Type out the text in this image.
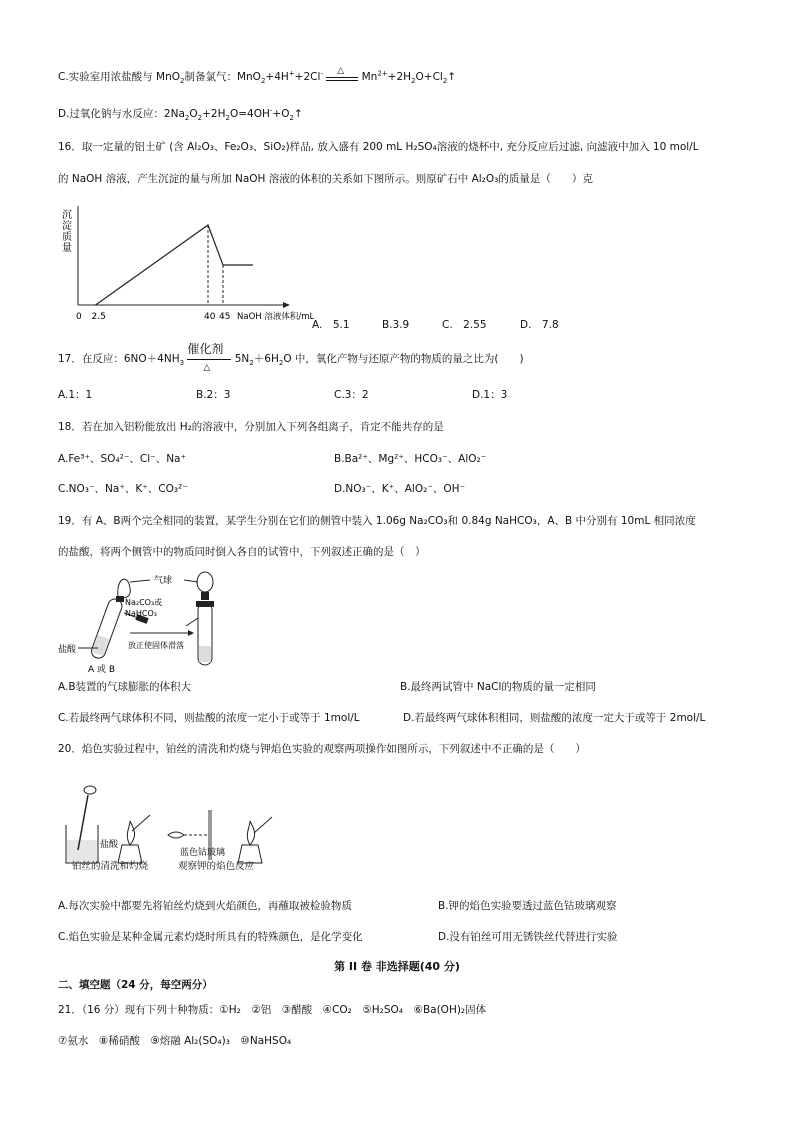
C.实验室用浓盐酸与 MnO$_2$制备氯气：MnO$_2$+4H++2Cl- △ $Mn^{2+}+2H_2O+Cl_2↑$
D.过氧化钠与水反应：$2Na_2O_2+2H_2O=4OH^-+O_2↑$
16．取一定量的铝土矿 (含 Al₂O₃、Fe₂O₃、SiO₂)样品, 放入盛有 200 mL H₂SO₄溶液的烧杯中, 充分反应后过滤, 向滤液中加入 10 mol/L
的 NaOH 溶液，产生沉淀的量与所加 NaOH 溶液的体积的关系如下图所示。则原矿石中 Al₂O₃的质量是（　　）克
沉
淀
质
量
0 2.5	40 45 NaOH 溶液体积/mL
A.　5.1	B.3.9	C.　2.55	D.　7.8
17．在反应：$6NO+4NH_3$
催化剂
△
$5N_2+6H_2O$ 中，氧化产物与还原产物的物质的量之比为(　　)
A.1：1	B.2：3	C.3：2	D.1：3
18．若在加入铝粉能放出 H₂的溶液中，分别加入下列各组离子，肯定不能共存的是
A.Fe³⁺、SO₄²⁻、Cl⁻、Na⁺	B.Ba²⁺、Mg²⁺、HCO₃⁻、AlO₂⁻
C.NO₃⁻、Na⁺、K⁺、CO₃²⁻	D.NO₃⁻、K⁺、AlO₂⁻、OH⁻
19．有 A、B两个完全相同的装置，某学生分别在它们的侧管中装入 1.06g Na₂CO₃和 0.84g NaHCO₃，A、B 中分别有 10mL 相同浓度
的盐酸，将两个侧管中的物质同时倒入各自的试管中，下列叙述正确的是（　）
气球
Na₂CO₃或
NaHCO₃
盐酸
A 或 B
放正使固体滑落
A.B装置的气球膨胀的体积大	B.最终两试管中 NaCl的物质的量一定相同
C.若最终两气球体积不同，则盐酸的浓度一定小于或等于 1mol/L	D.若最终两气球体积相同，则盐酸的浓度一定大于或等于 2mol/L
20．焰色实验过程中，铂丝的清洗和灼烧与钾焰色实验的观察两项操作如图所示，下列叙述中不正确的是（　　）
盐酸
蓝色钴玻璃
铂丝的清洗和灼烧	观察钾的焰色反应
A.每次实验中都要先将铂丝灼烧到火焰颜色，再蘸取被检验物质	B.钾的焰色实验要透过蓝色钴玻璃观察
C.焰色实验是某种金属元素灼烧时所具有的特殊颜色，是化学变化	D.没有铂丝可用无锈铁丝代替进行实验
第 II 卷 非选择题(40 分)
二、填空题（24 分，每空两分）
21．（16 分）现有下列十种物质：①H₂　②铝　③醋酸　④CO₂　⑤H₂SO₄　⑥Ba(OH)₂固体
⑦氨水　⑧稀硝酸　⑨熔融 Al₂(SO₄)₃　⑩NaHSO₄
